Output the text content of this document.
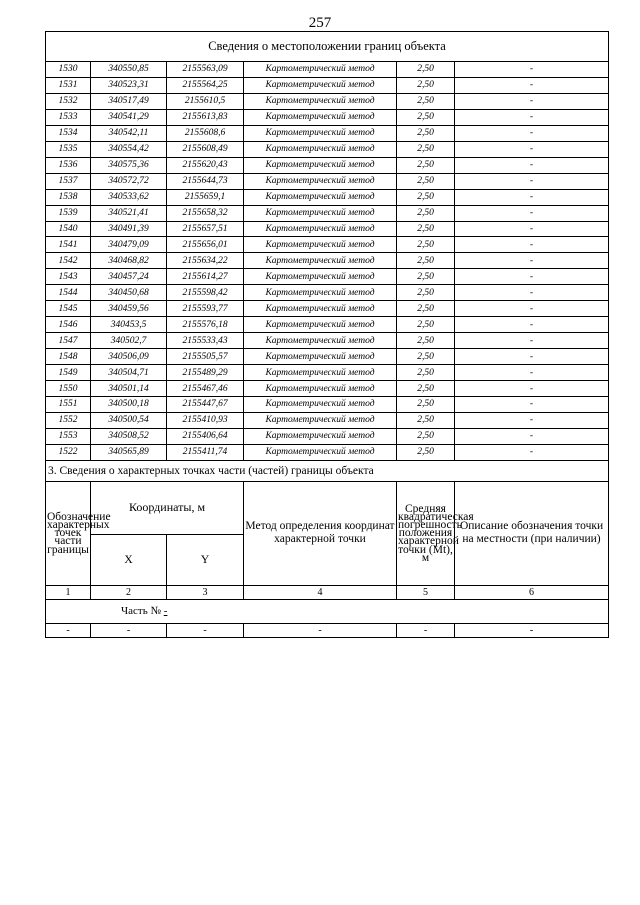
257
Сведения о местоположении границ объекта					
1530	340550,85	2155563,09	Картометрический метод	2,50	-
1531	340523,31	2155564,25	Картометрический метод	2,50	-
1532	340517,49	2155610,5	Картометрический метод	2,50	-
1533	340541,29	2155613,83	Картометрический метод	2,50	-
1534	340542,11	2155608,6	Картометрический метод	2,50	-
1535	340554,42	2155608,49	Картометрический метод	2,50	-
1536	340575,36	2155620,43	Картометрический метод	2,50	-
1537	340572,72	2155644,73	Картометрический метод	2,50	-
1538	340533,62	2155659,1	Картометрический метод	2,50	-
1539	340521,41	2155658,32	Картометрический метод	2,50	-
1540	340491,39	2155657,51	Картометрический метод	2,50	-
1541	340479,09	2155656,01	Картометрический метод	2,50	-
1542	340468,82	2155634,22	Картометрический метод	2,50	-
1543	340457,24	2155614,27	Картометрический метод	2,50	-
1544	340450,68	2155598,42	Картометрический метод	2,50	-
1545	340459,56	2155593,77	Картометрический метод	2,50	-
1546	340453,5	2155576,18	Картометрический метод	2,50	-
1547	340502,7	2155533,43	Картометрический метод	2,50	-
1548	340506,09	2155505,57	Картометрический метод	2,50	-
1549	340504,71	2155489,29	Картометрический метод	2,50	-
1550	340501,14	2155467,46	Картометрический метод	2,50	-
1551	340500,18	2155447,67	Картометрический метод	2,50	-
1552	340500,54	2155410,93	Картометрический метод	2,50	-
1553	340508,52	2155406,64	Картометрический метод	2,50	-
1522	340565,89	2155411,74	Картометрический метод	2,50	-
3. Сведения о характерных точках части (частей) границы объекта					
Обозначение характерных точек части границы	Координаты, м		Метод определения координат характерной точки	Средняя квадратическая погрешность положения характерной точки (Мt), м	Описание обозначения точки на местности (при наличии)
	X	Y			
1	2	3	4	5	6
Часть № -					
-	-	-	-	-	-
